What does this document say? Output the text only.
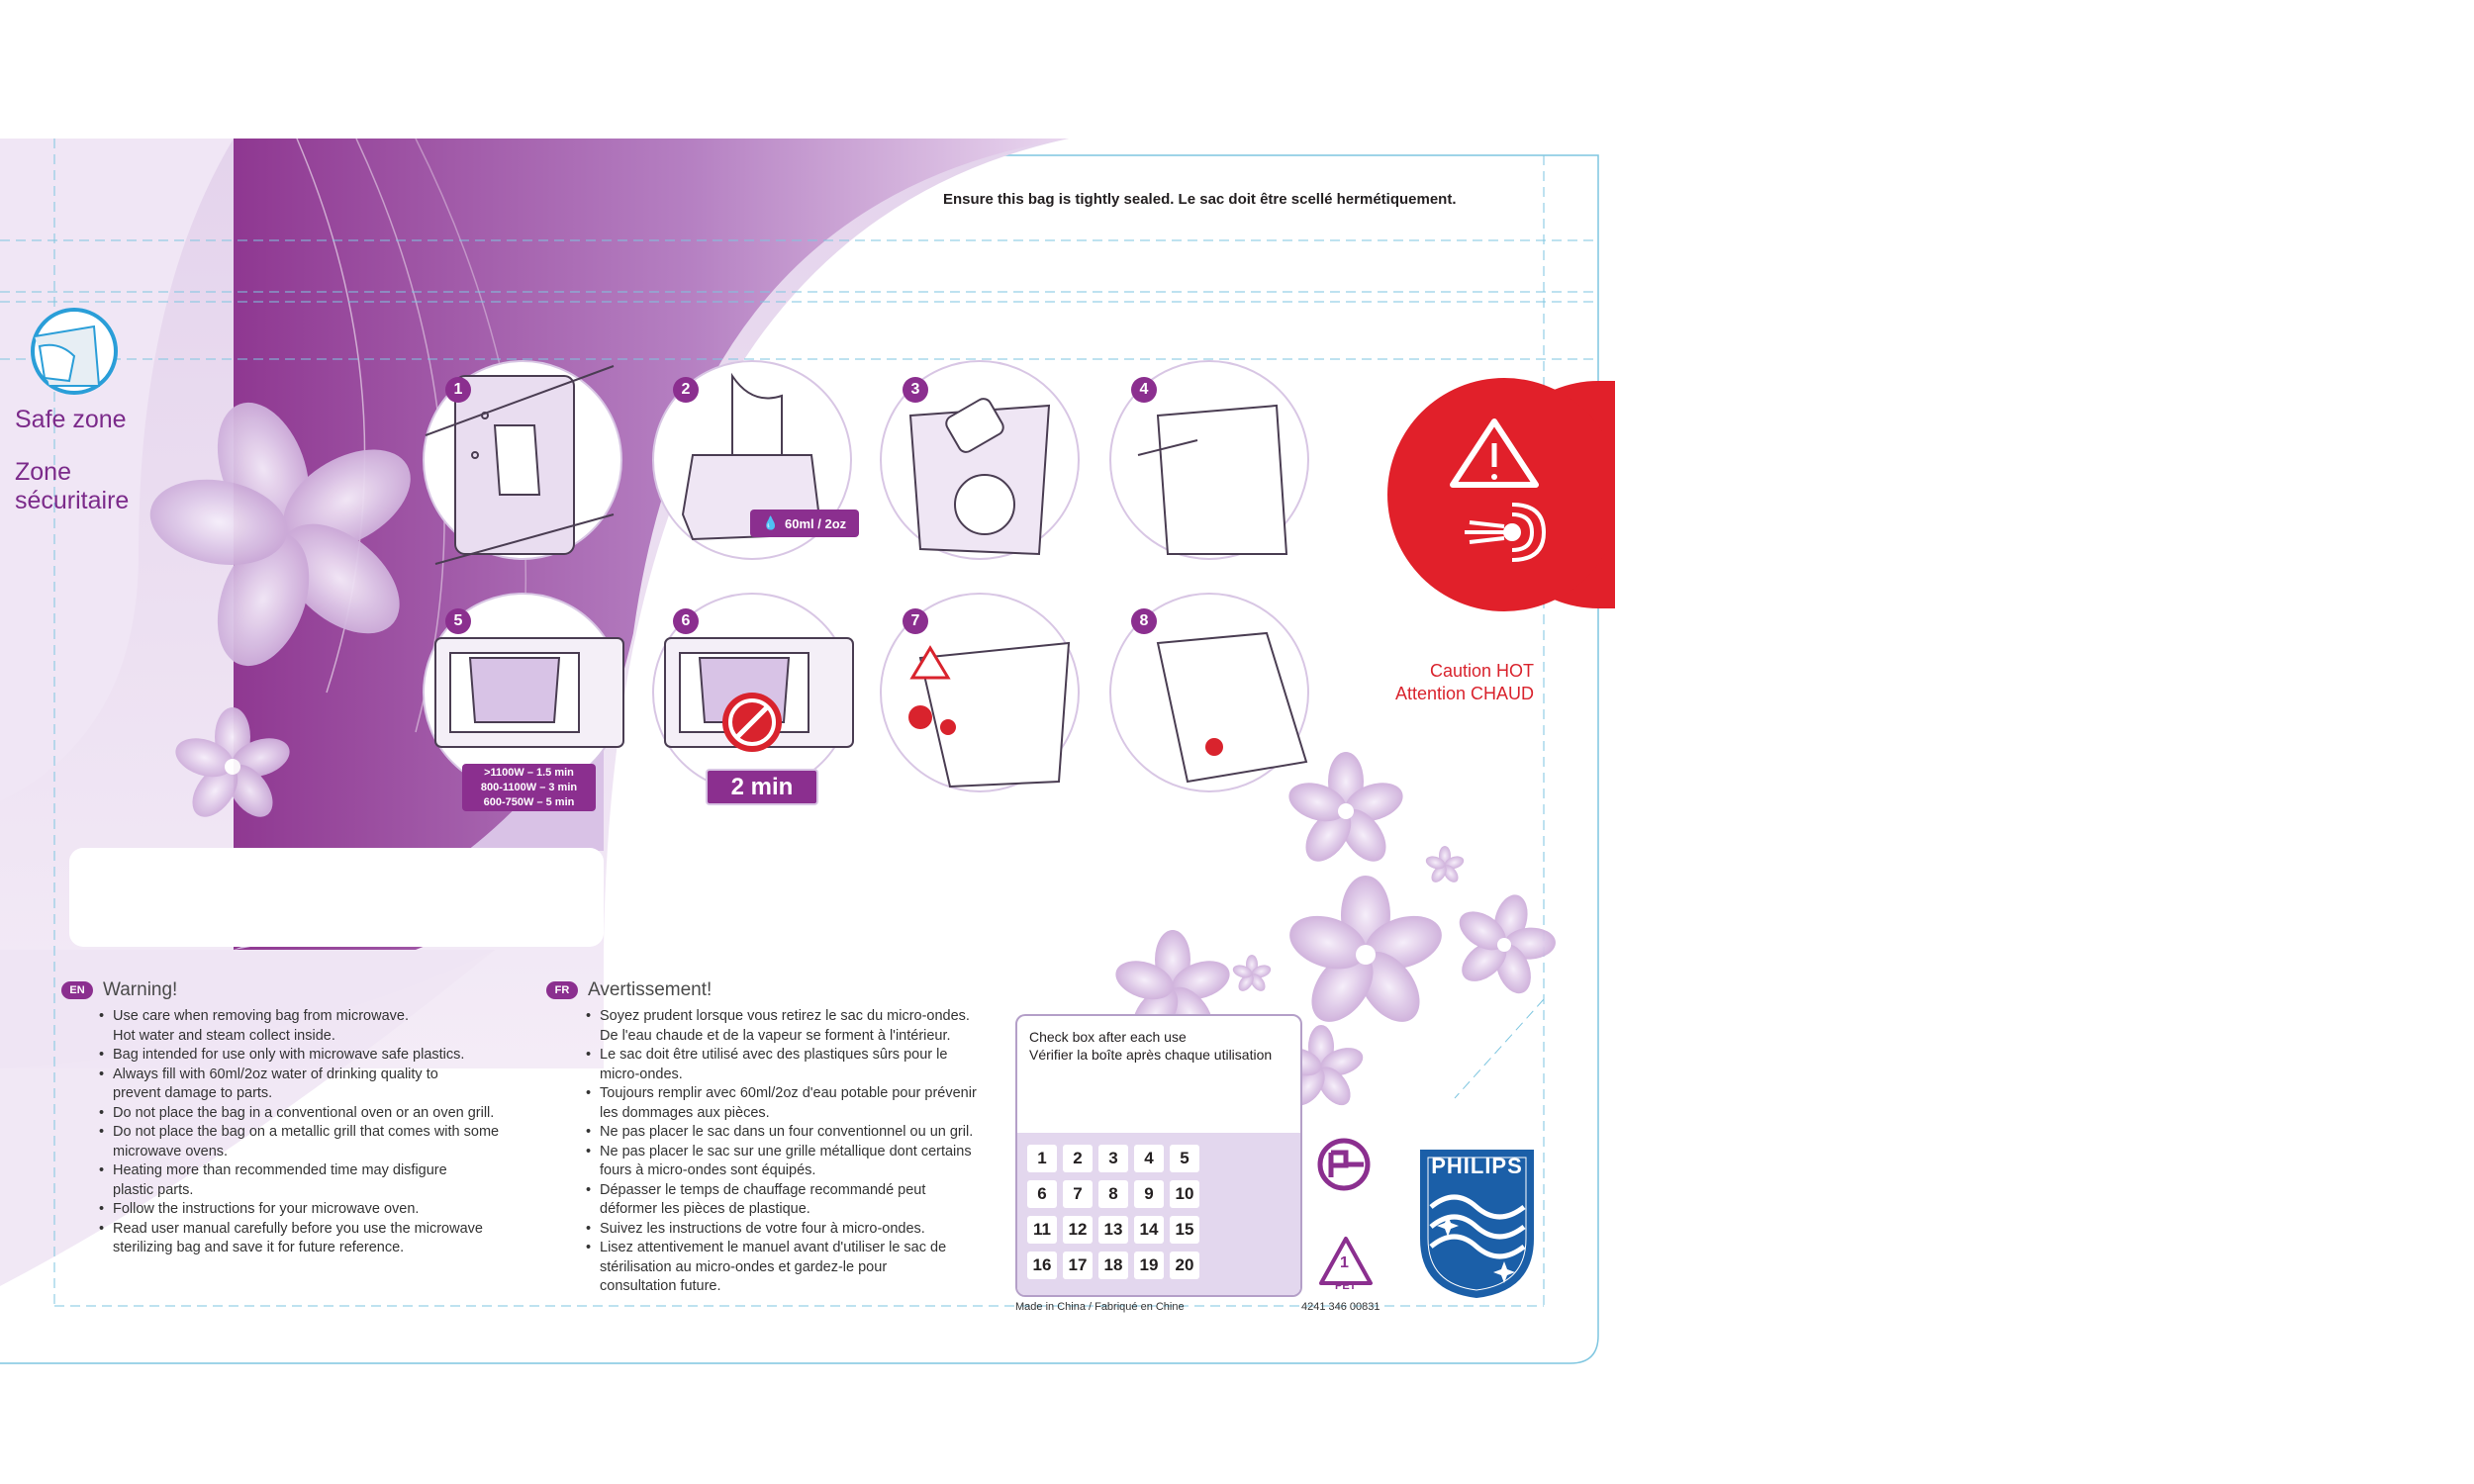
Ensure this bag is tightly sealed. Le sac doit être scellé hermétiquement.
Safe zone
Zone
sécuritaire
1	2	3	4
5	6	7	8
💧 60ml / 2oz
>1100W – 1.5 min
800-1100W – 3 min
600-750W – 5 min
2 min
Caution HOT
Attention CHAUD
EN Warning!
• Use care when removing bag from microwave.
Hot water and steam collect inside.
• Bag intended for use only with microwave safe plastics.
• Always fill with 60ml/2oz water of drinking quality to
prevent damage to parts.
• Do not place the bag in a conventional oven or an oven grill.
• Do not place the bag on a metallic grill that comes with some
microwave ovens.
• Heating more than recommended time may disfigure
plastic parts.
• Follow the instructions for your microwave oven.
• Read user manual carefully before you use the microwave
sterilizing bag and save it for future reference.
FR Avertissement!
• Soyez prudent lorsque vous retirez le sac du micro-ondes.
De l'eau chaude et de la vapeur se forment à l'intérieur.
• Le sac doit être utilisé avec des plastiques sûrs pour le
micro-ondes.
• Toujours remplir avec 60ml/2oz d'eau potable pour prévenir
les dommages aux pièces.
• Ne pas placer le sac dans un four conventionnel ou un gril.
• Ne pas placer le sac sur une grille métallique dont certains
fours à micro-ondes sont équipés.
• Dépasser le temps de chauffage recommandé peut
déformer les pièces de plastique.
• Suivez les instructions de votre four à micro-ondes.
• Lisez attentivement le manuel avant d'utiliser le sac de
stérilisation au micro-ondes et gardez-le pour
consultation future.
Check box after each use
Vérifier la boîte après chaque utilisation
1	2	3	4	5
6	7	8	9	10
11	12	13	14	15
16	17	18	19	20	1
PET
PHILIPS
Made in China / Fabriqué en Chine	4241 346 00831
